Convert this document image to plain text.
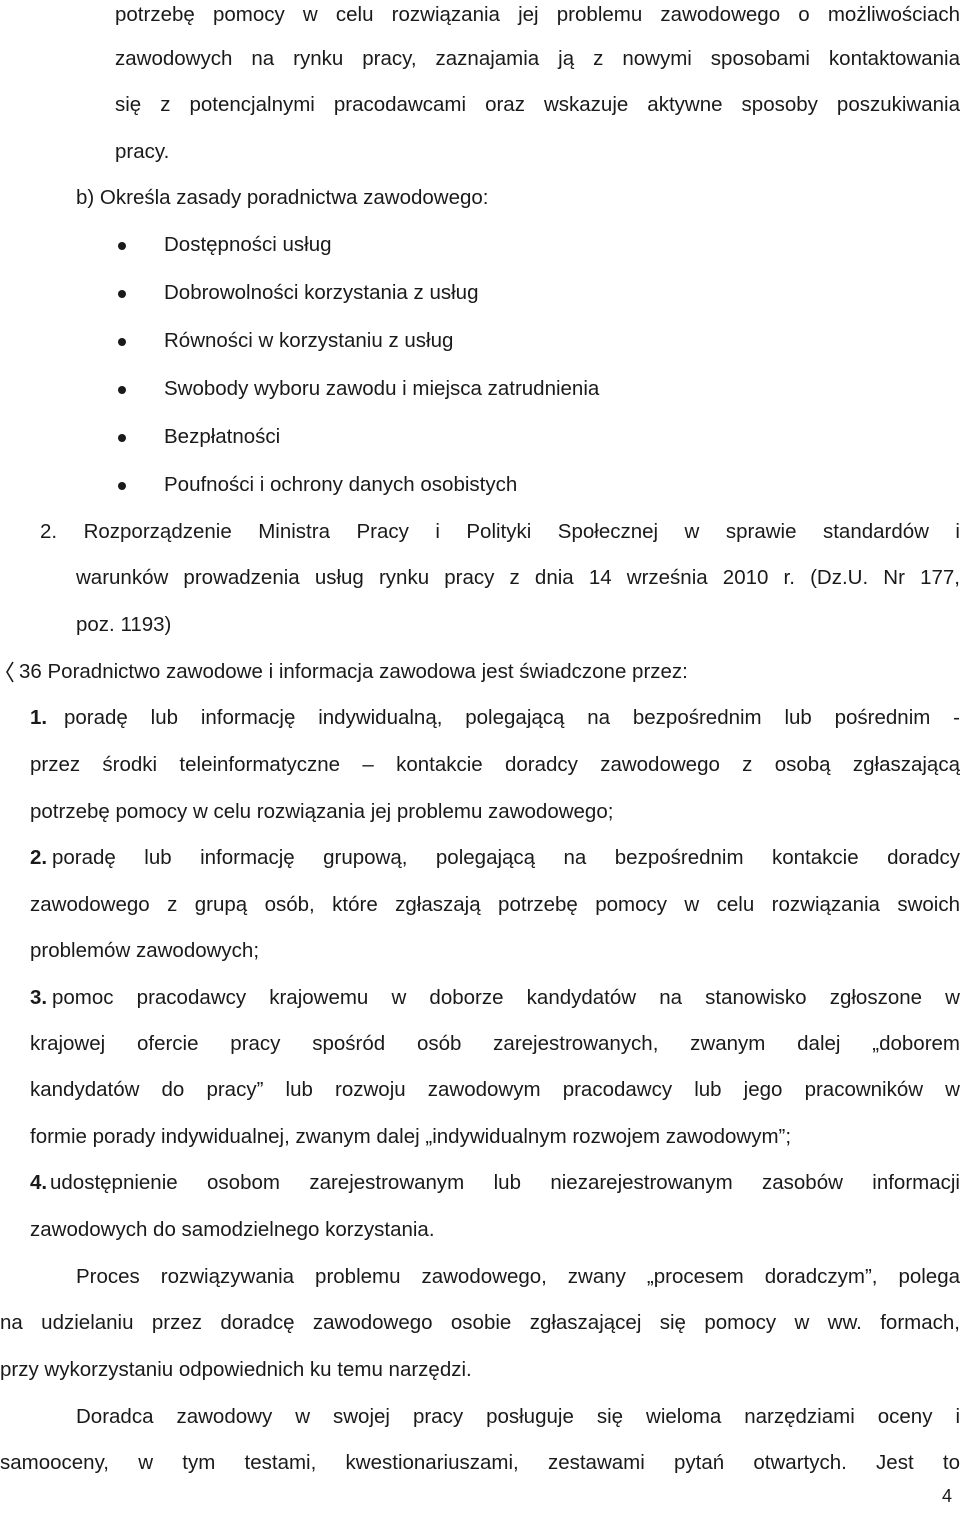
potrzebę pomocy w celu rozwiązania jej problemu zawodowego o możliwościach
zawodowych na rynku pracy, zaznajamia ją z nowymi sposobami kontaktowania
się z potencjalnymi pracodawcami oraz wskazuje aktywne sposoby poszukiwania
pracy.
b) Określa zasady poradnictwa zawodowego:
Dostępności usług
Dobrowolności korzystania z usług
Równości w korzystaniu z usług
Swobody wyboru zawodu i miejsca zatrudnienia
Bezpłatności
Poufności i ochrony danych osobistych
2. Rozporządzenie Ministra Pracy i Polityki Społecznej w sprawie standardów i
warunków prowadzenia usług rynku pracy z dnia 14 września 2010 r. (Dz.U. Nr 177,
poz. 1193)
36 Poradnictwo zawodowe i informacja zawodowa jest świadczone przez:
1. poradę lub informację indywidualną, polegającą na bezpośrednim lub pośrednim -
przez środki teleinformatyczne – kontakcie doradcy zawodowego z osobą zgłaszającą
potrzebę pomocy w celu rozwiązania jej problemu zawodowego;
2. poradę lub informację grupową, polegającą na bezpośrednim kontakcie doradcy
zawodowego z grupą osób, które zgłaszają potrzebę pomocy w celu rozwiązania swoich
problemów zawodowych;
3. pomoc pracodawcy krajowemu w doborze kandydatów na stanowisko zgłoszone w
krajowej ofercie pracy spośród osób zarejestrowanych, zwanym dalej „doborem
kandydatów do pracy” lub rozwoju zawodowym pracodawcy lub jego pracowników w
formie porady indywidualnej, zwanym dalej „indywidualnym rozwojem zawodowym”;
4. udostępnienie osobom zarejestrowanym lub niezarejestrowanym zasobów informacji
zawodowych do samodzielnego korzystania.
Proces rozwiązywania problemu zawodowego, zwany „procesem doradczym”, polega
na udzielaniu przez doradcę zawodowego osobie zgłaszającej się pomocy w ww. formach,
przy wykorzystaniu odpowiednich ku temu narzędzi.
Doradca zawodowy w swojej pracy posługuje się wieloma narzędziami oceny i
samooceny, w tym testami, kwestionariuszami, zestawami pytań otwartych. Jest to
4
